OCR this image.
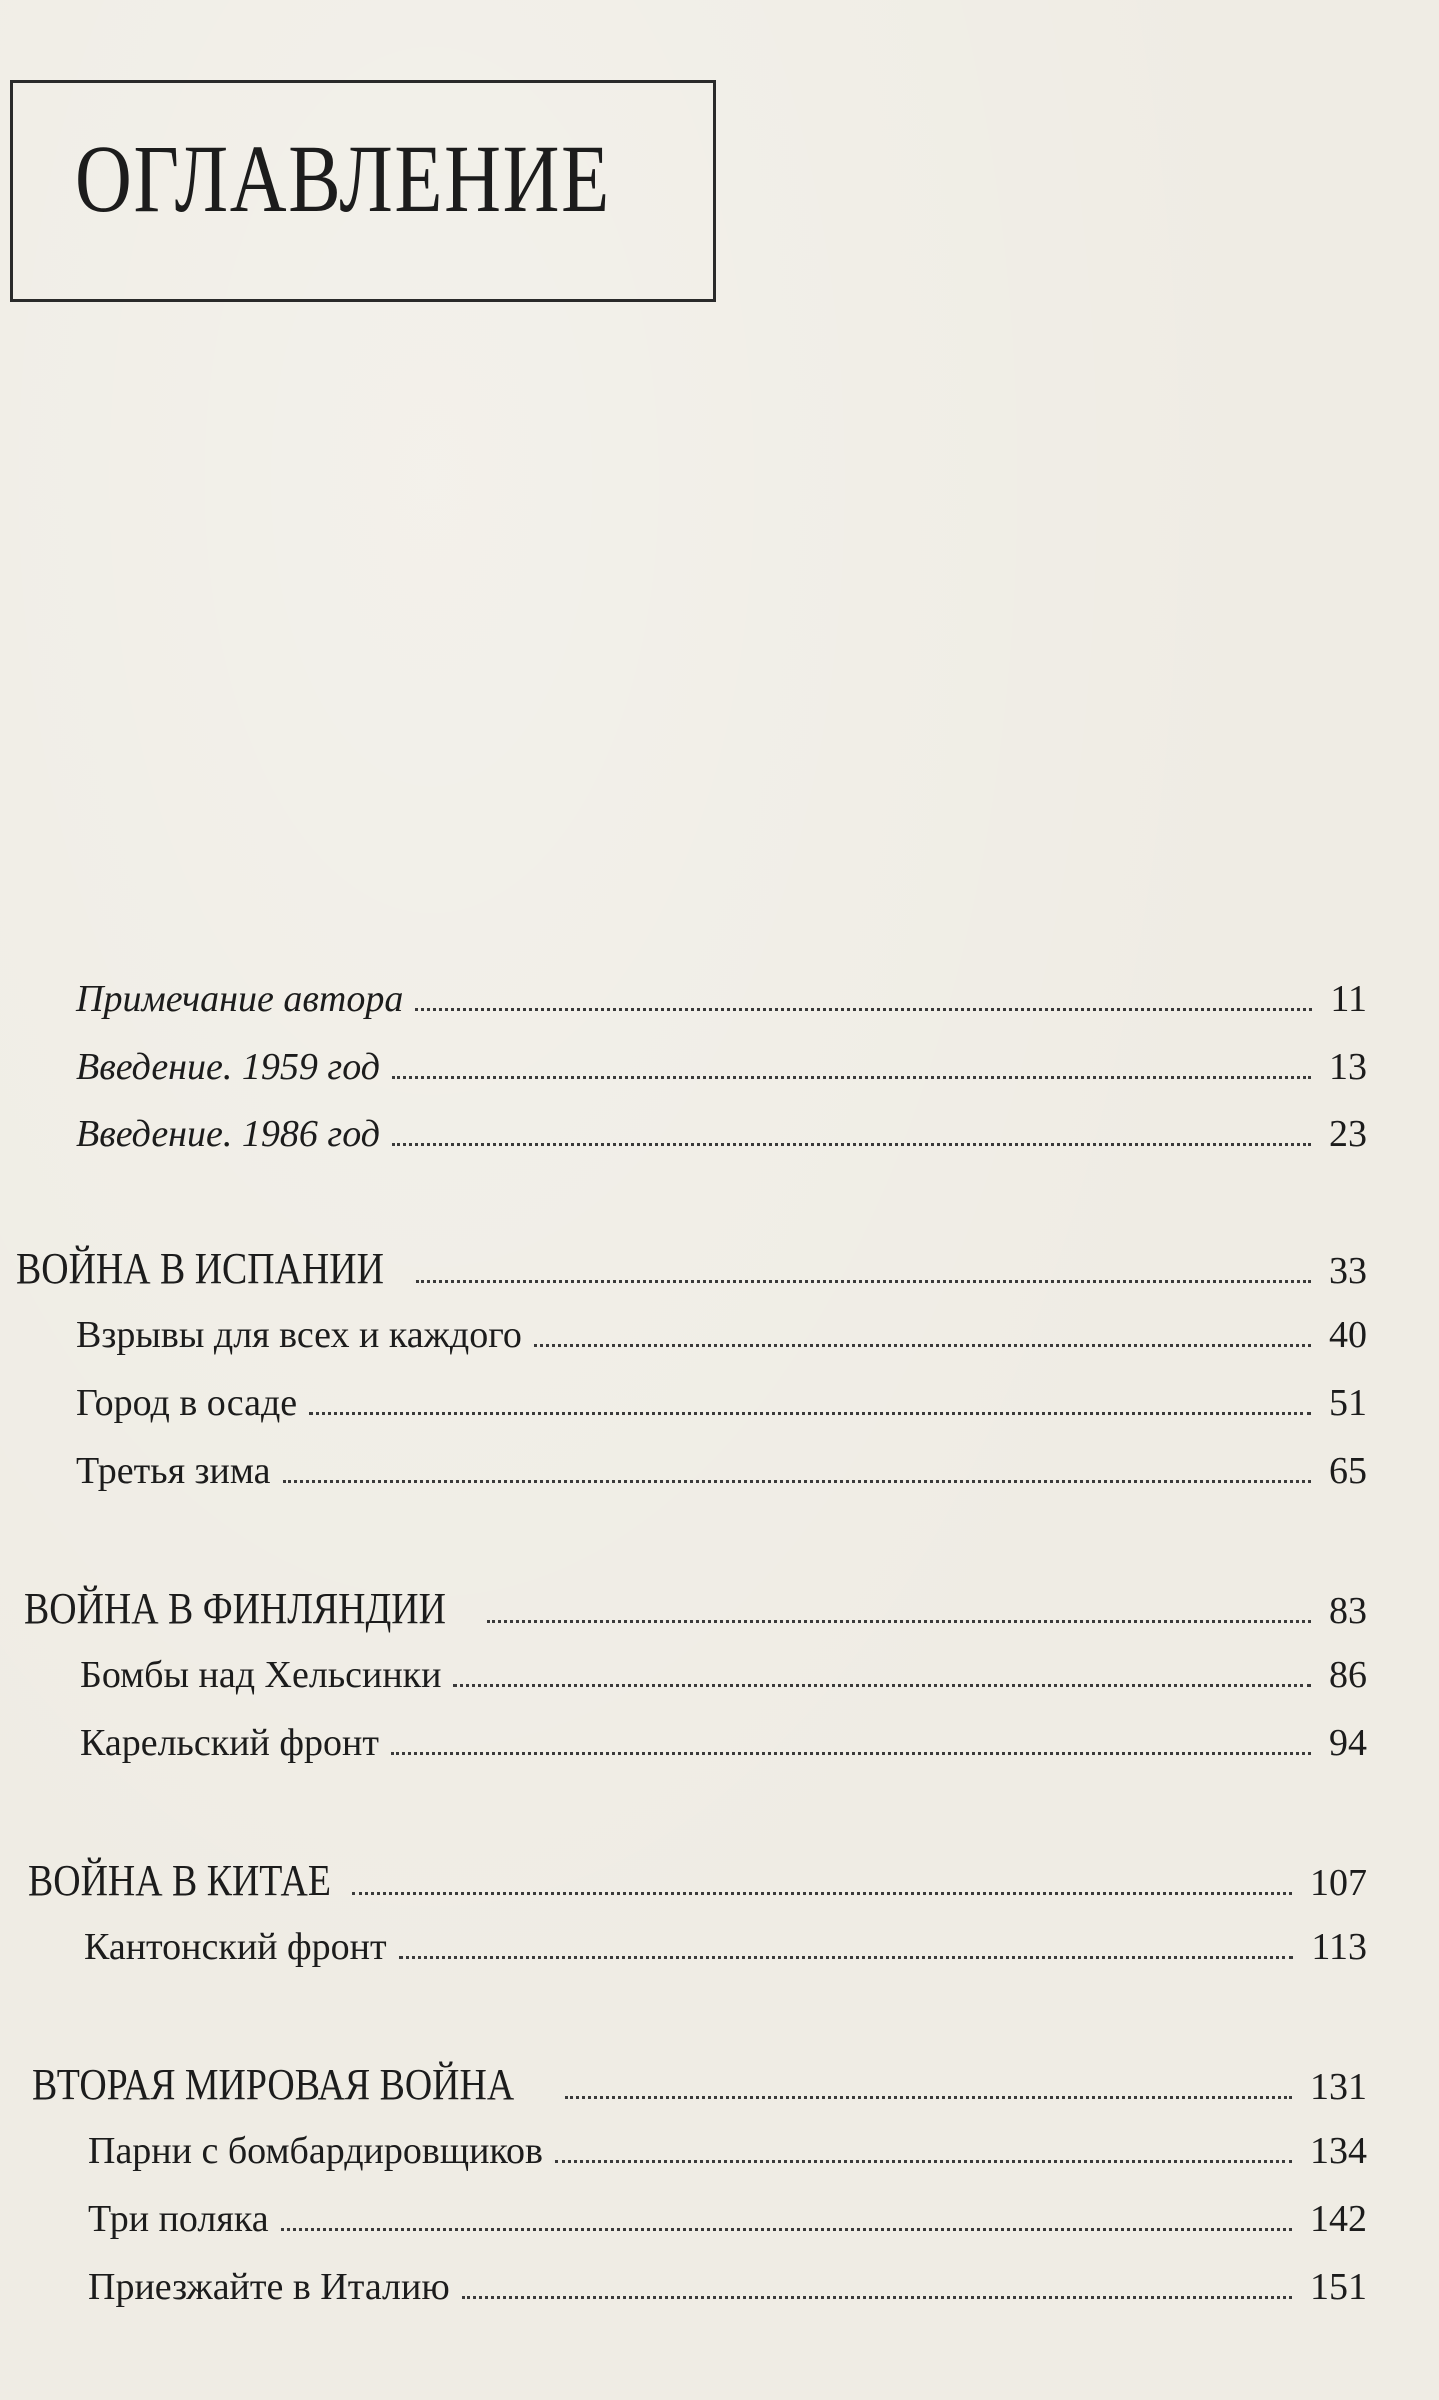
ОГЛАВЛЕНИЕ
Примечание автора	11
Введение. 1959 год	13
Введение. 1986 год	23
ВОЙНА В ИСПАНИИ	33
Взрывы для всех и каждого	40
Город в осаде	51
Третья зима	65
ВОЙНА В ФИНЛЯНДИИ	83
Бомбы над Хельсинки	86
Карельский фронт	94
ВОЙНА В КИТАЕ	107
Кантонский фронт	113
ВТОРАЯ МИРОВАЯ ВОЙНА	131
Парни с бомбардировщиков	134
Три поляка	142
Приезжайте в Италию	151
